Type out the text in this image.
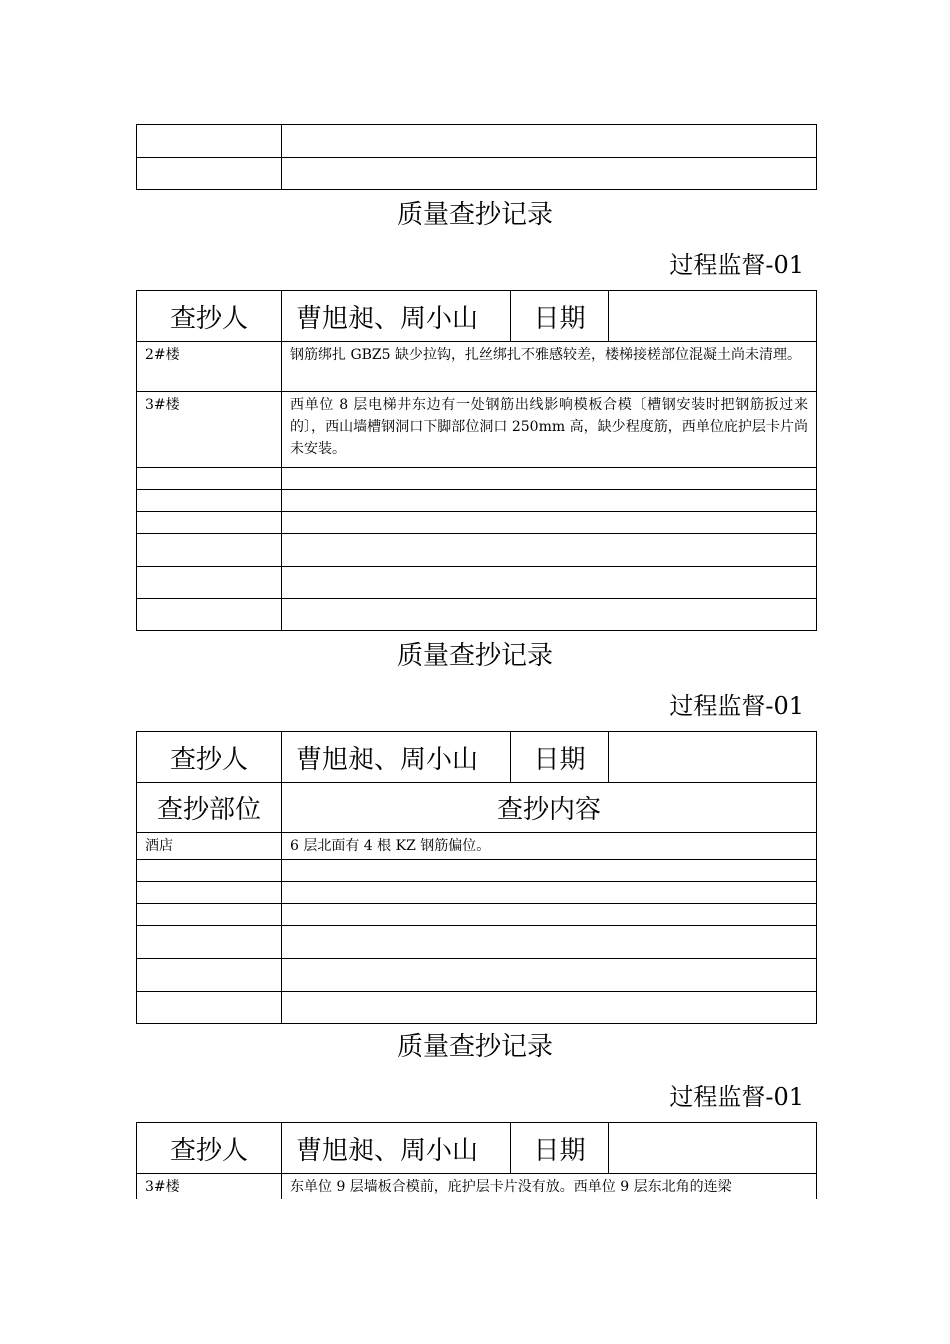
质量查抄记录
过程监督-01
查抄人	曹旭昶、周小山	日期	
2#楼	钢筋绑扎 GBZ5 缺少拉钩，扎丝绑扎不雅感较差，楼梯接槎部位混凝土尚未清理。		
3#楼	西单位 8 层电梯井东边有一处钢筋出线影响模板合模〔槽钢安装时把钢筋扳过来的〕，西山墙槽钢洞口下脚部位洞口 250mm 高，缺少程度筋，西单位庇护层卡片尚未安装。		

质量查抄记录
过程监督-01
查抄人	曹旭昶、周小山	日期	
查抄部位	查抄内容		
酒店	6 层北面有 4 根 KZ 钢筋偏位。		

质量查抄记录
过程监督-01
查抄人	曹旭昶、周小山	日期	
3#楼	东单位 9 层墙板合模前，庇护层卡片没有放。西单位 9 层东北角的连梁		
